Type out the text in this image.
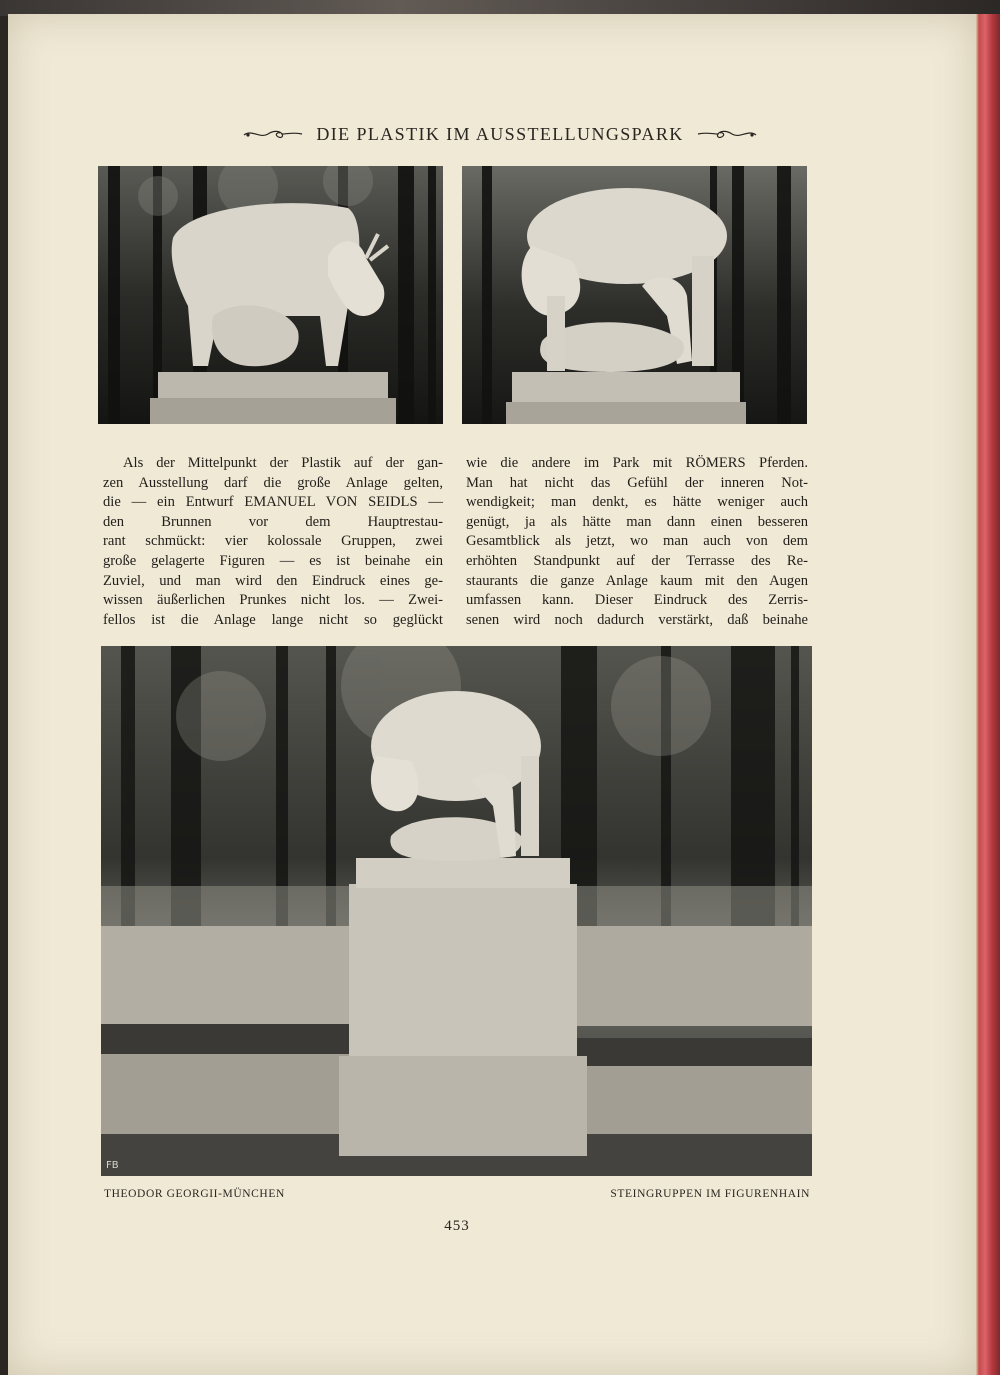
DIE PLASTIK IM AUSSTELLUNGSPARK
Als der Mittelpunkt der Plastik auf der gan-
zen Ausstellung darf die große Anlage gelten,
die — ein Entwurf EMANUEL VON SEIDLS —
den Brunnen vor dem Hauptrestau-
rant schmückt: vier kolossale Gruppen, zwei
große gelagerte Figuren — es ist beinahe ein
Zuviel, und man wird den Eindruck eines ge-
wissen äußerlichen Prunkes nicht los. — Zwei-
fellos ist die Anlage lange nicht so geglückt
wie die andere im Park mit RÖMERS Pferden.
Man hat nicht das Gefühl der inneren Not-
wendigkeit; man denkt, es hätte weniger auch
genügt, ja als hätte man dann einen besseren
Gesamtblick als jetzt, wo man auch von dem
erhöhten Standpunkt auf der Terrasse des Re-
staurants die ganze Anlage kaum mit den Augen
umfassen kann. Dieser Eindruck des Zerris-
senen wird noch dadurch verstärkt, daß beinahe
FB
THEODOR GEORGII-MÜNCHEN	STEINGRUPPEN IM FIGURENHAIN
453
